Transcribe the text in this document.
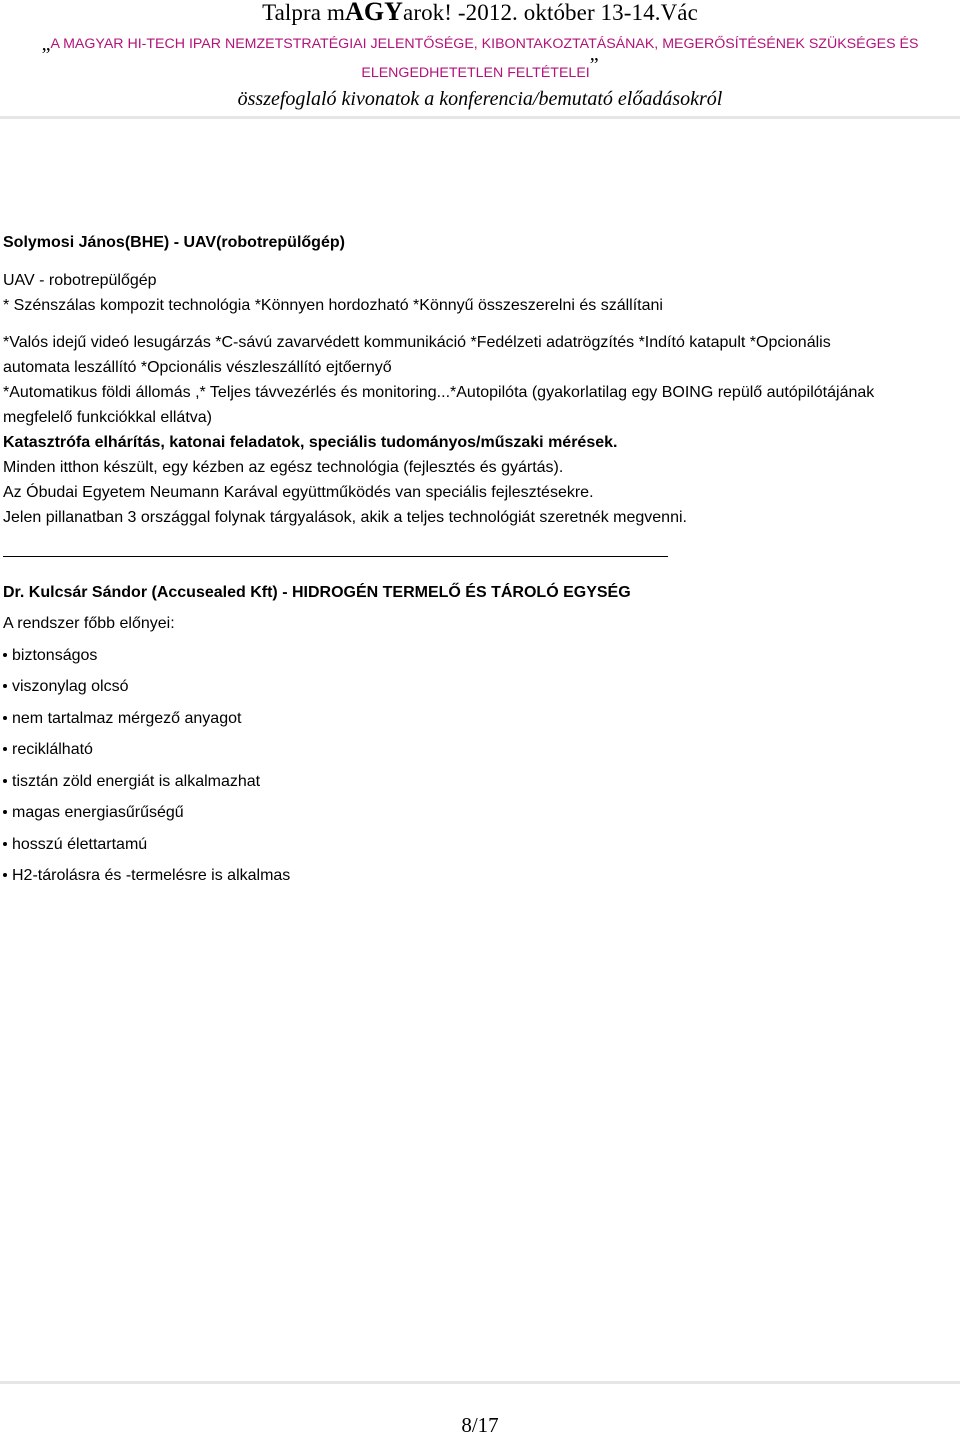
Talpra mAGYarok! -2012. október 13-14.Vác
„A MAGYAR HI-TECH IPAR NEMZETSTRATÉGIAI JELENTŐSÉGE, KIBONTAKOZTATÁSÁNAK, MEGERŐSÍTÉSÉNEK SZÜKSÉGES ÉS ELENGEDHETETLEN FELTÉTELEI”
összefoglaló kivonatok a konferencia/bemutató előadásokról
Solymosi János(BHE) - UAV(robotrepülőgép)
UAV - robotrepülőgép
* Szénszálas kompozit technológia *Könnyen hordozható *Könnyű összeszerelni és szállítani
*Valós idejű videó lesugárzás *C-sávú zavarvédett kommunikáció *Fedélzeti adatrögzítés *Indító katapult *Opcionális
automata leszállító *Opcionális vészleszállító ejtőernyő
*Automatikus földi állomás ,* Teljes távvezérlés és monitoring...*Autopilóta (gyakorlatilag egy BOING repülő autópilótájának
megfelelő funkciókkal ellátva)
Katasztrófa elhárítás, katonai feladatok, speciális tudományos/műszaki mérések.
Minden itthon készült, egy kézben az egész technológia (fejlesztés és gyártás).
Az Óbudai Egyetem Neumann Karával együttműködés van speciális fejlesztésekre.
Jelen pillanatban 3 országgal folynak tárgyalások, akik a teljes technológiát szeretnék megvenni.
Dr. Kulcsár Sándor (Accusealed Kft) - HIDROGÉN TERMELŐ ÉS TÁROLÓ EGYSÉG
A rendszer főbb előnyei:
biztonságos
viszonylag olcsó
nem tartalmaz mérgező anyagot
reciklálható
tisztán zöld energiát is alkalmazhat
magas energiasűrűségű
hosszú élettartamú
H2-tárolásra és -termelésre is alkalmas
8/17
